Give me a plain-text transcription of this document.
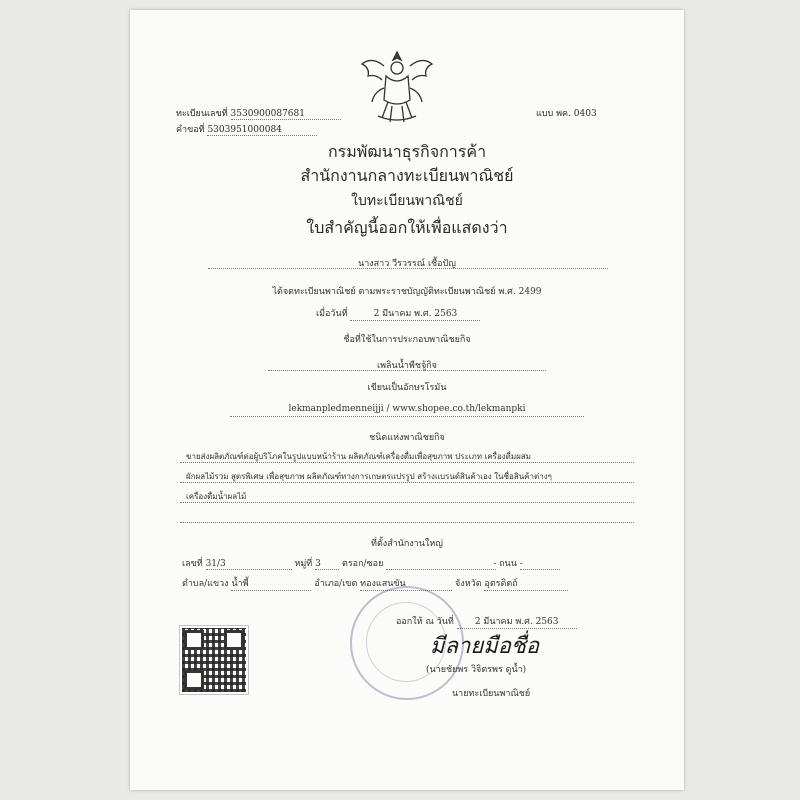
ทะเบียนเลขที่ 3530900087681
คำขอที่ 5303951000084
แบบ พค. 0403
กรมพัฒนาธุรกิจการค้า
สำนักงานกลางทะเบียนพาณิชย์
ใบทะเบียนพาณิชย์
ใบสำคัญนี้ออกให้เพื่อแสดงว่า
นางสาว วีรวรรณ์ เชื้อปัญ
ได้จดทะเบียนพาณิชย์ ตามพระราชบัญญัติทะเบียนพาณิชย์ พ.ศ. 2499
เมื่อวันที่	2 มีนาคม พ.ศ. 2563
ชื่อที่ใช้ในการประกอบพาณิชยกิจ
เพลินน้ำพืชจู้กิจ
เขียนเป็นอักษรโรมัน
lekmanpledmenneijji / www.shopee.co.th/lekmanpki
ชนิดแห่งพาณิชยกิจ
ขายส่งผลิตภัณฑ์ต่อผู้บริโภคในรูปแบบหน้าร้าน ผลิตภัณฑ์เครื่องดื่มเพื่อสุขภาพ ประเภท เครื่องดื่มผสม
ผักผลไม้รวม สูตรพิเศษ เพื่อสุขภาพ ผลิตภัณฑ์ทางการเกษตรแปรรูป สร้างแบรนด์สินค้าเอง ในชื่อสินค้าต่างๆ
เครื่องดื่มน้ำผลไม้
ที่ตั้งสำนักงานใหญ่
เลขที่ 31/3	หมู่ที่ 3 ตรอก/ซอย	- ถนน -
ตำบล/แขวง น้ำพี้	อำเภอ/เขต ทองแสนขัน	จังหวัด อุตรดิตถ์
ออกให้ ณ วันที่ 2 มีนาคม พ.ศ. 2563
มีลายมือชื่อ
(นายชัยพร วิจิตรพร ดูน้ำ)
นายทะเบียนพาณิชย์
